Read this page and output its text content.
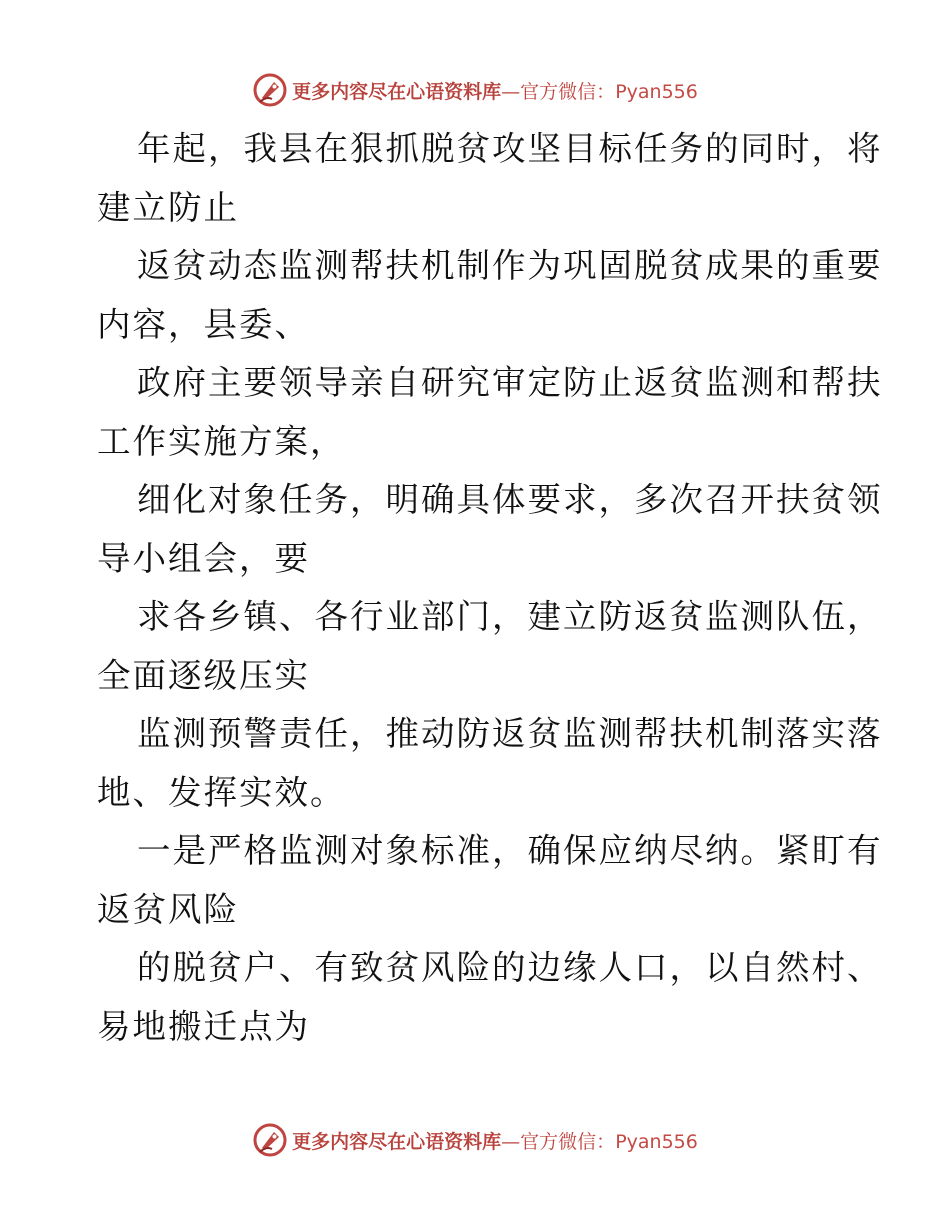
更多内容尽在心语资料库—官方微信：Pyan556

年起，我县在狠抓脱贫攻坚目标任务的同时，将
建立防止

返贫动态监测帮扶机制作为巩固脱贫成果的重要
内容，县委、

政府主要领导亲自研究审定防止返贫监测和帮扶
工作实施方案，

细化对象任务，明确具体要求，多次召开扶贫领
导小组会，要

求各乡镇、各行业部门，建立防返贫监测队伍，
全面逐级压实

监测预警责任，推动防返贫监测帮扶机制落实落
地、发挥实效。

一是严格监测对象标准，确保应纳尽纳。紧盯有
返贫风险

的脱贫户、有致贫风险的边缘人口，以自然村、
易地搬迁点为

更多内容尽在心语资料库—官方微信：Pyan556
